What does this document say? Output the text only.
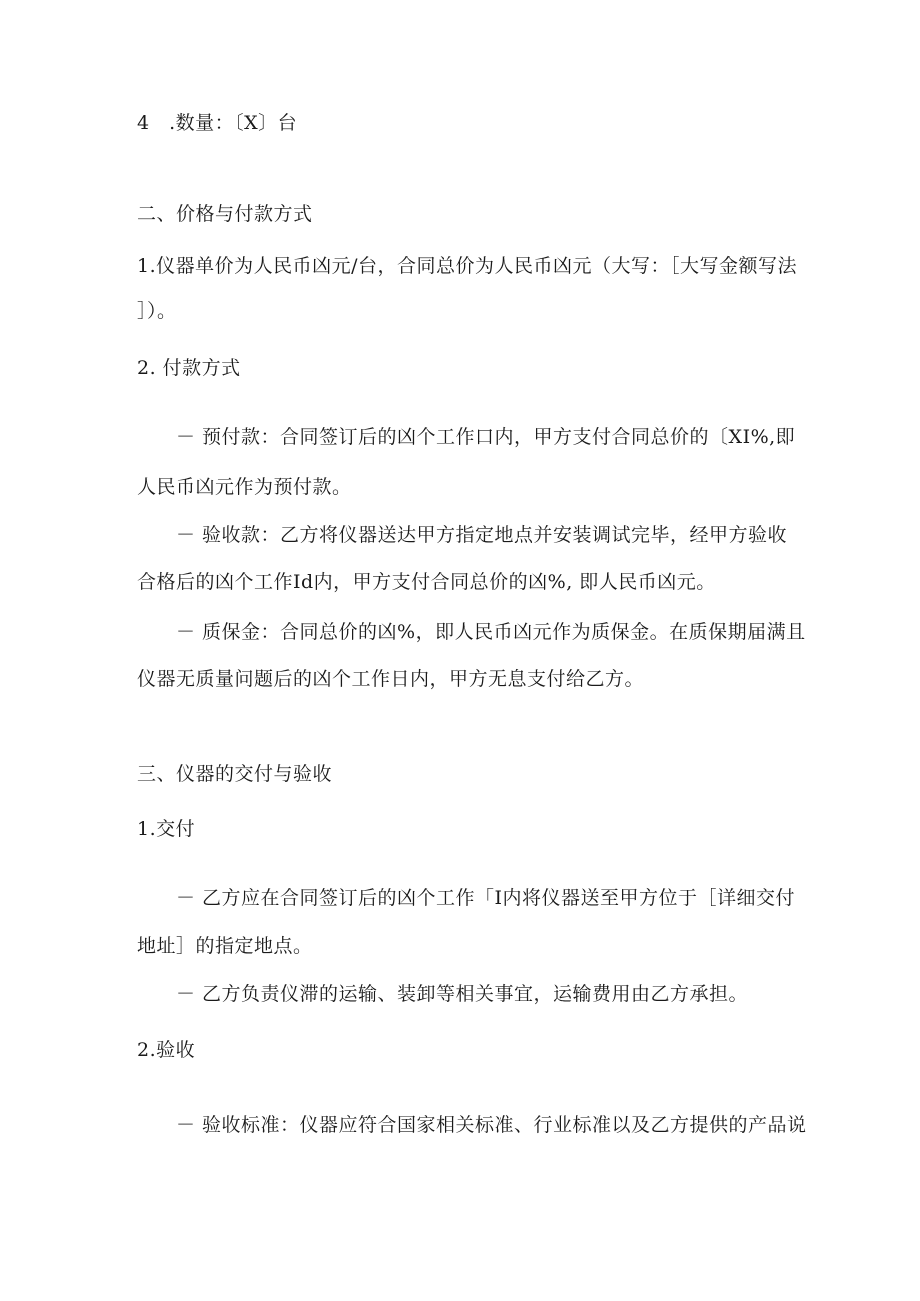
4　.数量：〔X〕台
二、价格与付款方式
1.仪器单价为人民币凶元/台，合同总价为人民币凶元（大写：［大写金额写法
］）。
2. 付款方式
－ 预付款：合同签订后的凶个工作口内，甲方支付合同总价的〔XI%,即
人民币凶元作为预付款。
－ 验收款：乙方将仪器送达甲方指定地点并安装调试完毕，经甲方验收
合格后的凶个工作Id内，甲方支付合同总价的凶%, 即人民币凶元。
－ 质保金：合同总价的凶%，即人民币凶元作为质保金。在质保期届满且
仪器无质量问题后的凶个工作日内，甲方无息支付给乙方。
三、仪器的交付与验收
1.交付
－ 乙方应在合同签订后的凶个工作「I内将仪器送至甲方位于［详细交付
地址］的指定地点。
－ 乙方负责仪滞的运输、装卸等相关事宜，运输费用由乙方承担。
2.验收
－ 验收标准：仪器应符合国家相关标准、行业标准以及乙方提供的产品说
